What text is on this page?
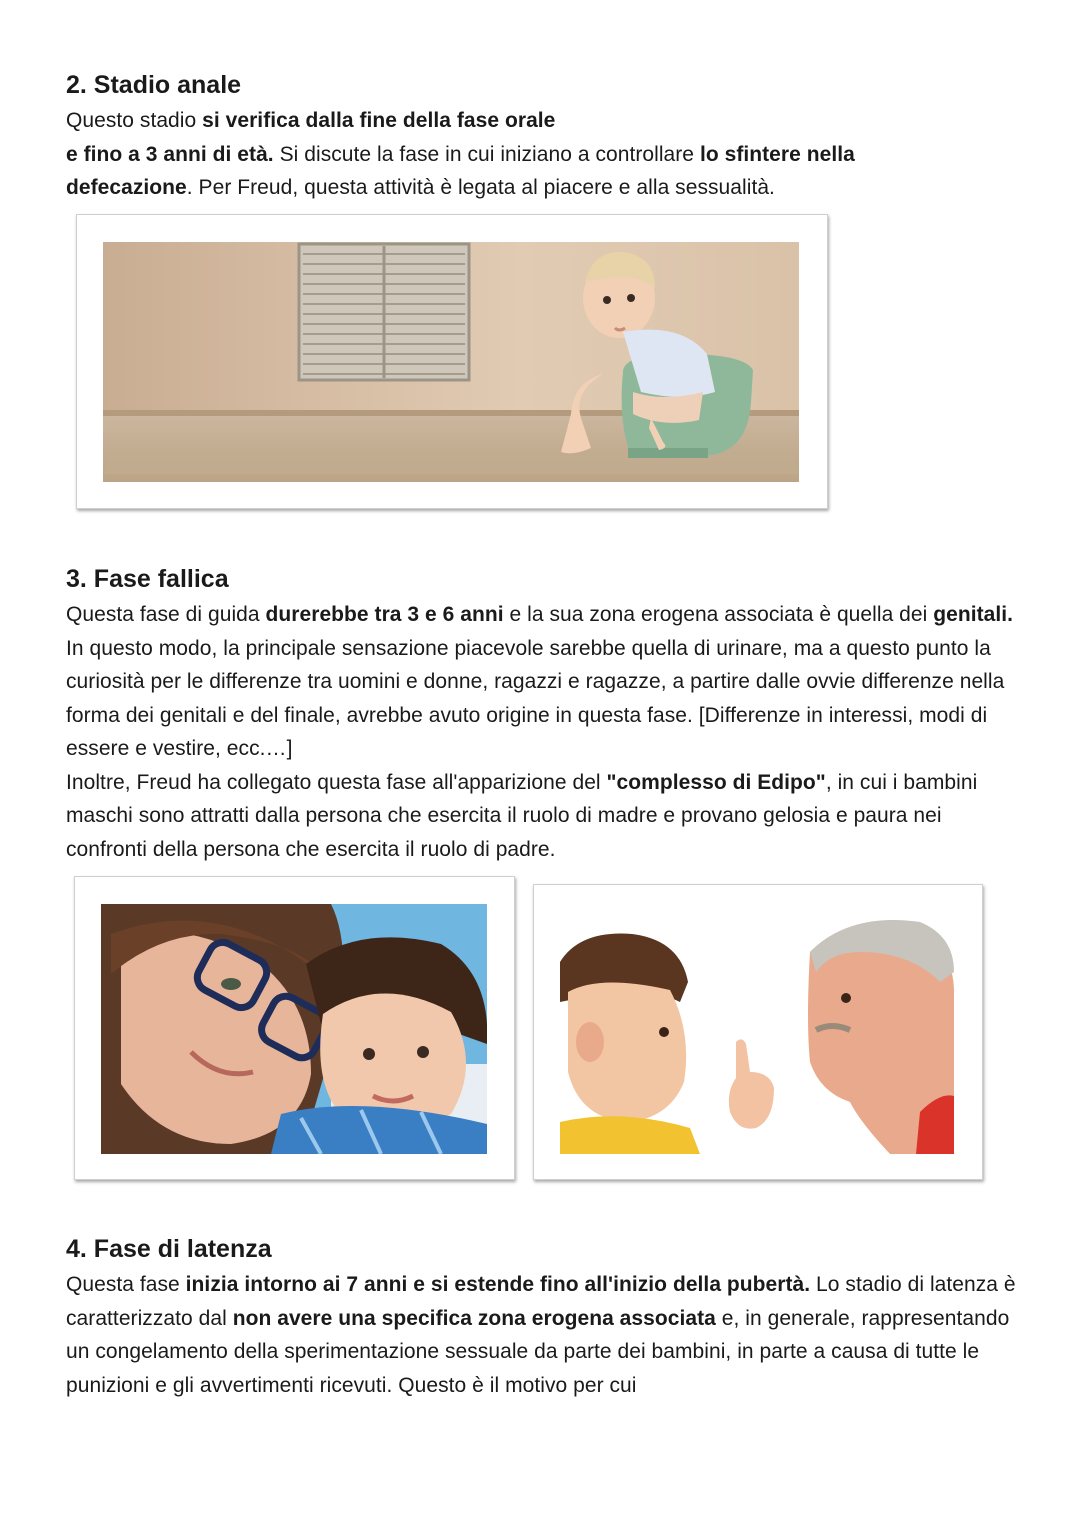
2. Stadio anale

Questo stadio si verifica dalla fine della fase orale
e fino a 3 anni di età. Si discute la fase in cui iniziano a controllare lo sfintere nella
defecazione. Per Freud, questa attività è legata al piacere e alla sessualità.

3. Fase fallica

Questa fase di guida durerebbe tra 3 e 6 anni e la sua zona erogena associata è quella dei genitali. In questo modo, la principale sensazione piacevole sarebbe quella di urinare, ma a questo punto la curiosità per le differenze tra uomini e donne, ragazzi e ragazze, a partire dalle ovvie differenze nella forma dei genitali e del finale, avrebbe avuto origine in questa fase. [Differenze in interessi, modi di essere e vestire, ecc.…]

Inoltre, Freud ha collegato questa fase all'apparizione del "complesso di Edipo", in cui i bambini maschi sono attratti dalla persona che esercita il ruolo di madre e provano gelosia e paura nei confronti della persona che esercita il ruolo di padre.

4. Fase di latenza

Questa fase inizia intorno ai 7 anni e si estende fino all'inizio della pubertà. Lo stadio di latenza è caratterizzato dal non avere una specifica zona erogena associata e, in generale, rappresentando un congelamento della sperimentazione sessuale da parte dei bambini, in parte a causa di tutte le punizioni e gli avvertimenti ricevuti. Questo è il motivo per cui
